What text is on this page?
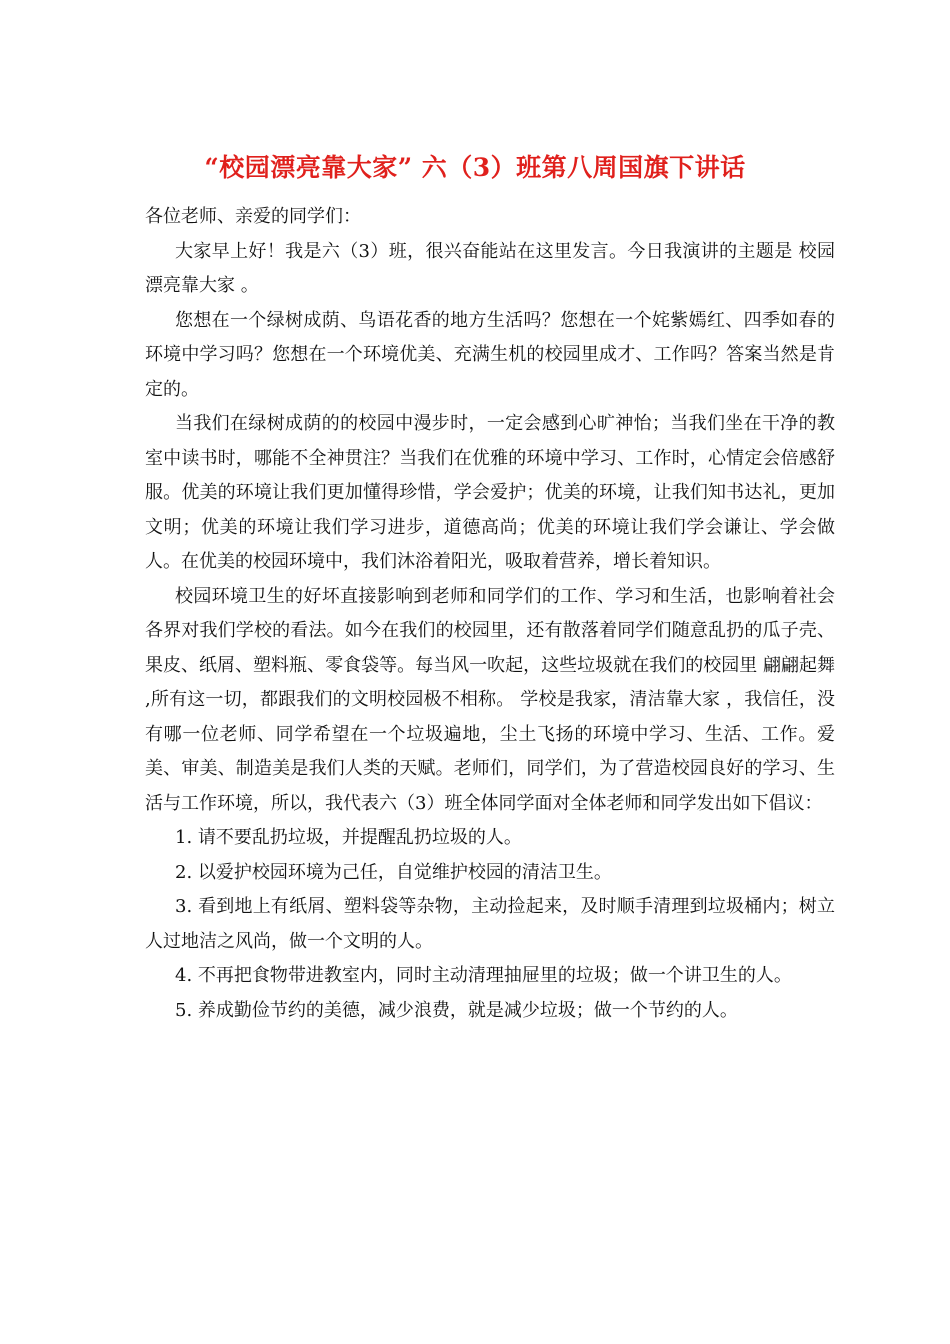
“校园漂亮靠大家” 六（3）班第八周国旗下讲话

各位老师、亲爱的同学们：

大家早上好！我是六（3）班，很兴奋能站在这里发言。今日我演讲的主题是 校园漂亮靠大家 。

您想在一个绿树成荫、鸟语花香的地方生活吗？您想在一个姹紫嫣红、四季如春的环境中学习吗？您想在一个环境优美、充满生机的校园里成才、工作吗？答案当然是肯定的。

当我们在绿树成荫的的校园中漫步时，一定会感到心旷神怡；当我们坐在干净的教室中读书时，哪能不全神贯注？当我们在优雅的环境中学习、工作时，心情定会倍感舒服。优美的环境让我们更加懂得珍惜，学会爱护；优美的环境，让我们知书达礼，更加文明；优美的环境让我们学习进步，道德高尚；优美的环境让我们学会谦让、学会做人。在优美的校园环境中，我们沐浴着阳光，吸取着营养，增长着知识。

校园环境卫生的好坏直接影响到老师和同学们的工作、学习和生活，也影响着社会各界对我们学校的看法。如今在我们的校园里，还有散落着同学们随意乱扔的瓜子壳、果皮、纸屑、塑料瓶、零食袋等。每当风一吹起，这些垃圾就在我们的校园里 翩翩起舞 ,所有这一切，都跟我们的文明校园极不相称。 学校是我家，清洁靠大家 ，我信任，没有哪一位老师、同学希望在一个垃圾遍地，尘土飞扬的环境中学习、生活、工作。爱美、审美、制造美是我们人类的天赋。老师们，同学们，为了营造校园良好的学习、生活与工作环境，所以，我代表六（3）班全体同学面对全体老师和同学发出如下倡议：

1. 请不要乱扔垃圾，并提醒乱扔垃圾的人。

2. 以爱护校园环境为己任，自觉维护校园的清洁卫生。

3. 看到地上有纸屑、塑料袋等杂物，主动捡起来，及时顺手清理到垃圾桶内；树立人过地洁之风尚，做一个文明的人。

4. 不再把食物带进教室内，同时主动清理抽屉里的垃圾；做一个讲卫生的人。

5. 养成勤俭节约的美德，减少浪费，就是减少垃圾；做一个节约的人。
